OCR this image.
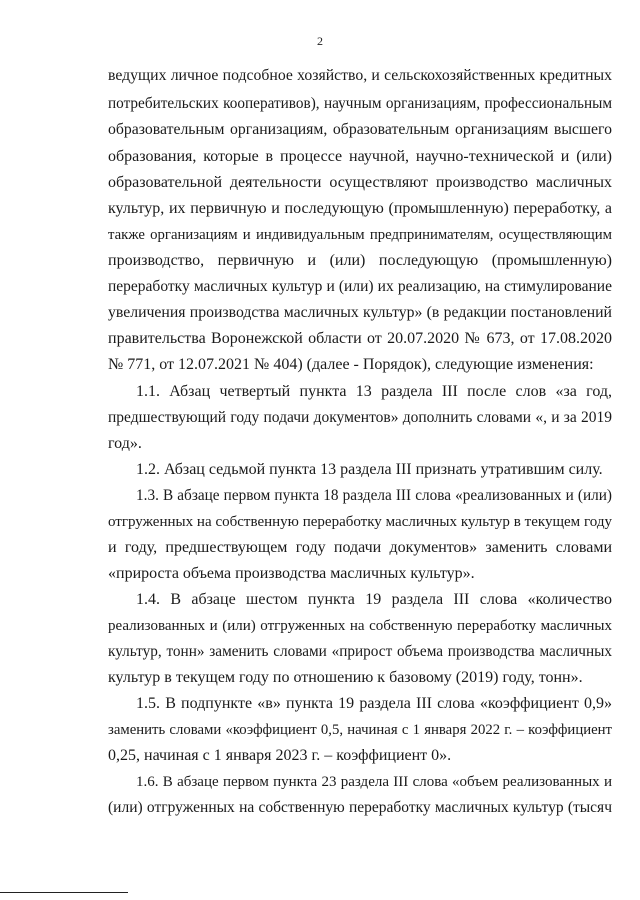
2
ведущих личное подсобное хозяйство, и сельскохозяйственных кредитных
потребительских кооперативов), научным организациям, профессиональным
образовательным организациям, образовательным организациям высшего
образования, которые в процессе научной, научно-технической и (или)
образовательной деятельности осуществляют производство масличных
культур, их первичную и последующую (промышленную) переработку, а
также организациям и индивидуальным предпринимателям, осуществляющим
производство, первичную и (или) последующую (промышленную)
переработку масличных культур и (или) их реализацию, на стимулирование
увеличения производства масличных культур» (в редакции постановлений
правительства Воронежской области от 20.07.2020 № 673, от 17.08.2020
№ 771, от 12.07.2021 № 404) (далее - Порядок), следующие изменения:
1.1. Абзац четвертый пункта 13 раздела III после слов «за год,
предшествующий году подачи документов» дополнить словами «, и за 2019
год».
1.2. Абзац седьмой пункта 13 раздела III признать утратившим силу.
1.3. В абзаце первом пункта 18 раздела III слова «реализованных и (или)
отгруженных на собственную переработку масличных культур в текущем году
и году, предшествующем году подачи документов» заменить словами
«прироста объема производства масличных культур».
1.4. В абзаце шестом пункта 19 раздела III слова «количество
реализованных и (или) отгруженных на собственную переработку масличных
культур, тонн» заменить словами «прирост объема производства масличных
культур в текущем году по отношению к базовому (2019) году, тонн».
1.5. В подпункте «в» пункта 19 раздела III слова «коэффициент 0,9»
заменить словами «коэффициент 0,5, начиная с 1 января 2022 г. – коэффициент
0,25, начиная с 1 января 2023 г. – коэффициент 0».
1.6. В абзаце первом пункта 23 раздела III слова «объем реализованных и
(или) отгруженных на собственную переработку масличных культур (тысяч
